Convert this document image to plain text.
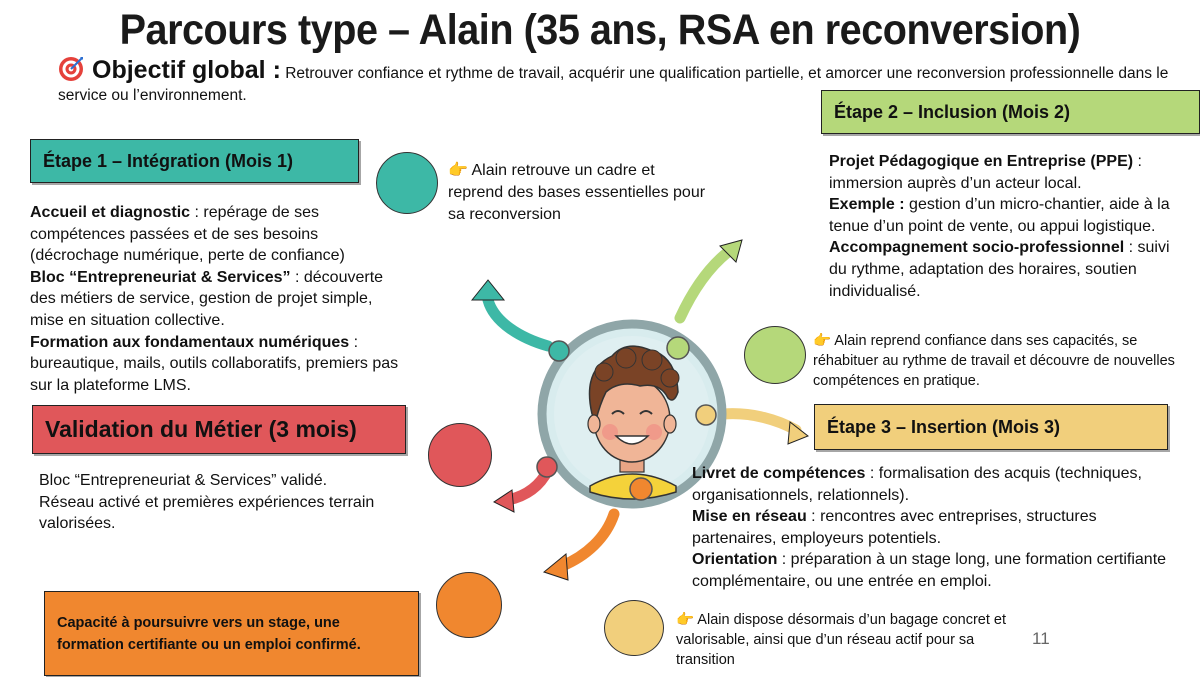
Parcours type – Alain (35 ans, RSA en reconversion)
Objectif global : Retrouver confiance et rythme de travail, acquérir une qualification partielle, et amorcer une reconversion professionnelle dans le service ou l’environnement.
Étape 1 – Intégration (Mois 1)
Accueil et diagnostic : repérage de ses compétences passées et de ses besoins (décrochage numérique, perte de confiance)
Bloc “Entrepreneuriat & Services” : découverte des métiers de service, gestion de projet simple, mise en situation collective.
Formation aux fondamentaux numériques : bureautique, mails, outils collaboratifs, premiers pas sur la plateforme LMS.
👉 Alain retrouve un cadre et reprend des bases essentielles pour sa reconversion
Étape 2 – Inclusion (Mois 2)
Projet Pédagogique en Entreprise (PPE) : immersion auprès d’un acteur local.
Exemple : gestion d’un micro-chantier, aide à la tenue d’un point de vente, ou appui logistique.
Accompagnement socio-professionnel : suivi du rythme, adaptation des horaires, soutien individualisé.
👉 Alain reprend confiance dans ses capacités, se réhabituer au rythme de travail et découvre de nouvelles compétences en pratique.
Étape 3 – Insertion (Mois 3)
Livret de compétences : formalisation des acquis (techniques, organisationnels, relationnels).
Mise en réseau : rencontres avec entreprises, structures partenaires, employeurs potentiels.
Orientation : préparation à un stage long, une formation certifiante complémentaire, ou une entrée en emploi.
👉 Alain dispose désormais d’un bagage concret et valorisable, ainsi que d’un réseau actif pour sa transition
Validation du Métier (3 mois)
Bloc “Entrepreneuriat & Services” validé. Réseau activé et premières expériences terrain valorisées.
Capacité à poursuivre vers un stage, une formation certifiante ou un emploi confirmé.	11
